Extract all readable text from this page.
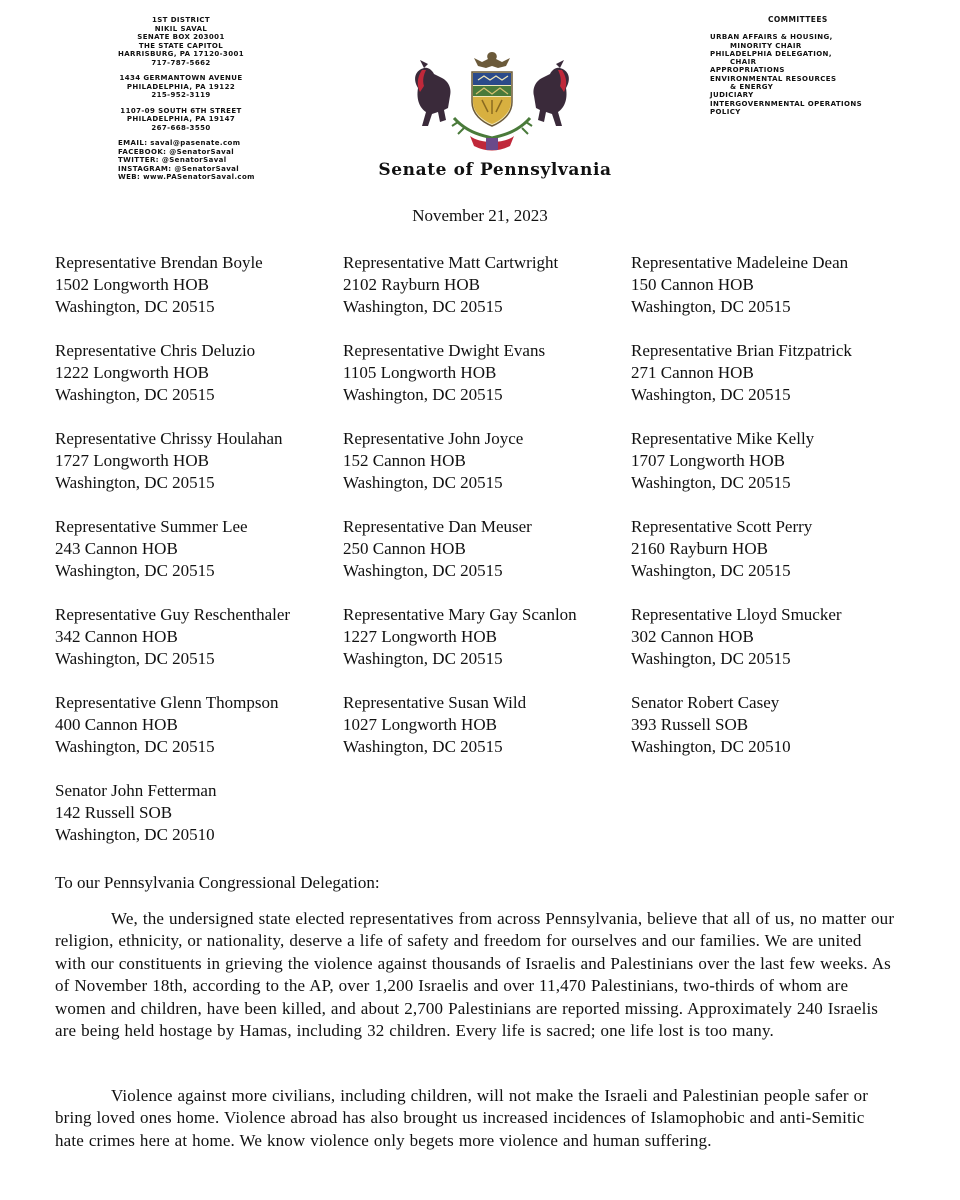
1ST DISTRICT
NIKIL SAVAL
SENATE BOX 203001
THE STATE CAPITOL
HARRISBURG, PA 17120-3001
717-787-5662
1434 GERMANTOWN AVENUE
PHILADELPHIA, PA 19122
215-952-3119
1107-09 SOUTH 6TH STREET
PHILADELPHIA, PA 19147
267-668-3550
EMAIL: saval@pasenate.com
FACEBOOK: @SenatorSaval
TWITTER: @SenatorSaval
INSTAGRAM: @SenatorSaval
WEB: www.PASenatorSaval.com	Senate of Pennsylvania
COMMITTEES
URBAN AFFAIRS & HOUSING,
MINORITY CHAIR
PHILADELPHIA DELEGATION,
CHAIR
APPROPRIATIONS
ENVIRONMENTAL RESOURCES
& ENERGY
JUDICIARY
INTERGOVERNMENTAL OPERATIONS
POLICY
November 21, 2023
Representative Brendan Boyle
1502 Longworth HOB
Washington, DC 20515
Representative Matt Cartwright
2102 Rayburn HOB
Washington, DC 20515
Representative Madeleine Dean
150 Cannon HOB
Washington, DC 20515
Representative Chris Deluzio
1222 Longworth HOB
Washington, DC 20515
Representative Dwight Evans
1105 Longworth HOB
Washington, DC 20515
Representative Brian Fitzpatrick
271 Cannon HOB
Washington, DC 20515
Representative Chrissy Houlahan
1727 Longworth HOB
Washington, DC 20515
Representative John Joyce
152 Cannon HOB
Washington, DC 20515
Representative Mike Kelly
1707 Longworth HOB
Washington, DC 20515
Representative Summer Lee
243 Cannon HOB
Washington, DC 20515
Representative Dan Meuser
250 Cannon HOB
Washington, DC 20515
Representative Scott Perry
2160 Rayburn HOB
Washington, DC 20515
Representative Guy Reschenthaler
342 Cannon HOB
Washington, DC 20515
Representative Mary Gay Scanlon
1227 Longworth HOB
Washington, DC 20515
Representative Lloyd Smucker
302 Cannon HOB
Washington, DC 20515
Representative Glenn Thompson
400 Cannon HOB
Washington, DC 20515
Representative Susan Wild
1027 Longworth HOB
Washington, DC 20515
Senator Robert Casey
393 Russell SOB
Washington, DC 20510
Senator John Fetterman
142 Russell SOB
Washington, DC 20510
To our Pennsylvania Congressional Delegation:

We, the undersigned state elected representatives from across Pennsylvania, believe that all of us, no matter our religion, ethnicity, or nationality, deserve a life of safety and freedom for ourselves and our families. We are united with our constituents in grieving the violence against thousands of Israelis and Palestinians over the last few weeks. As of November 18th, according to the AP, over 1,200 Israelis and over 11,470 Palestinians, two-thirds of whom are women and children, have been killed, and about 2,700 Palestinians are reported missing. Approximately 240 Israelis are being held hostage by Hamas, including 32 children. Every life is sacred; one life lost is too many.

Violence against more civilians, including children, will not make the Israeli and Palestinian people safer or bring loved ones home. Violence abroad has also brought us increased incidences of Islamophobic and anti-Semitic hate crimes here at home. We know violence only begets more violence and human suffering.
